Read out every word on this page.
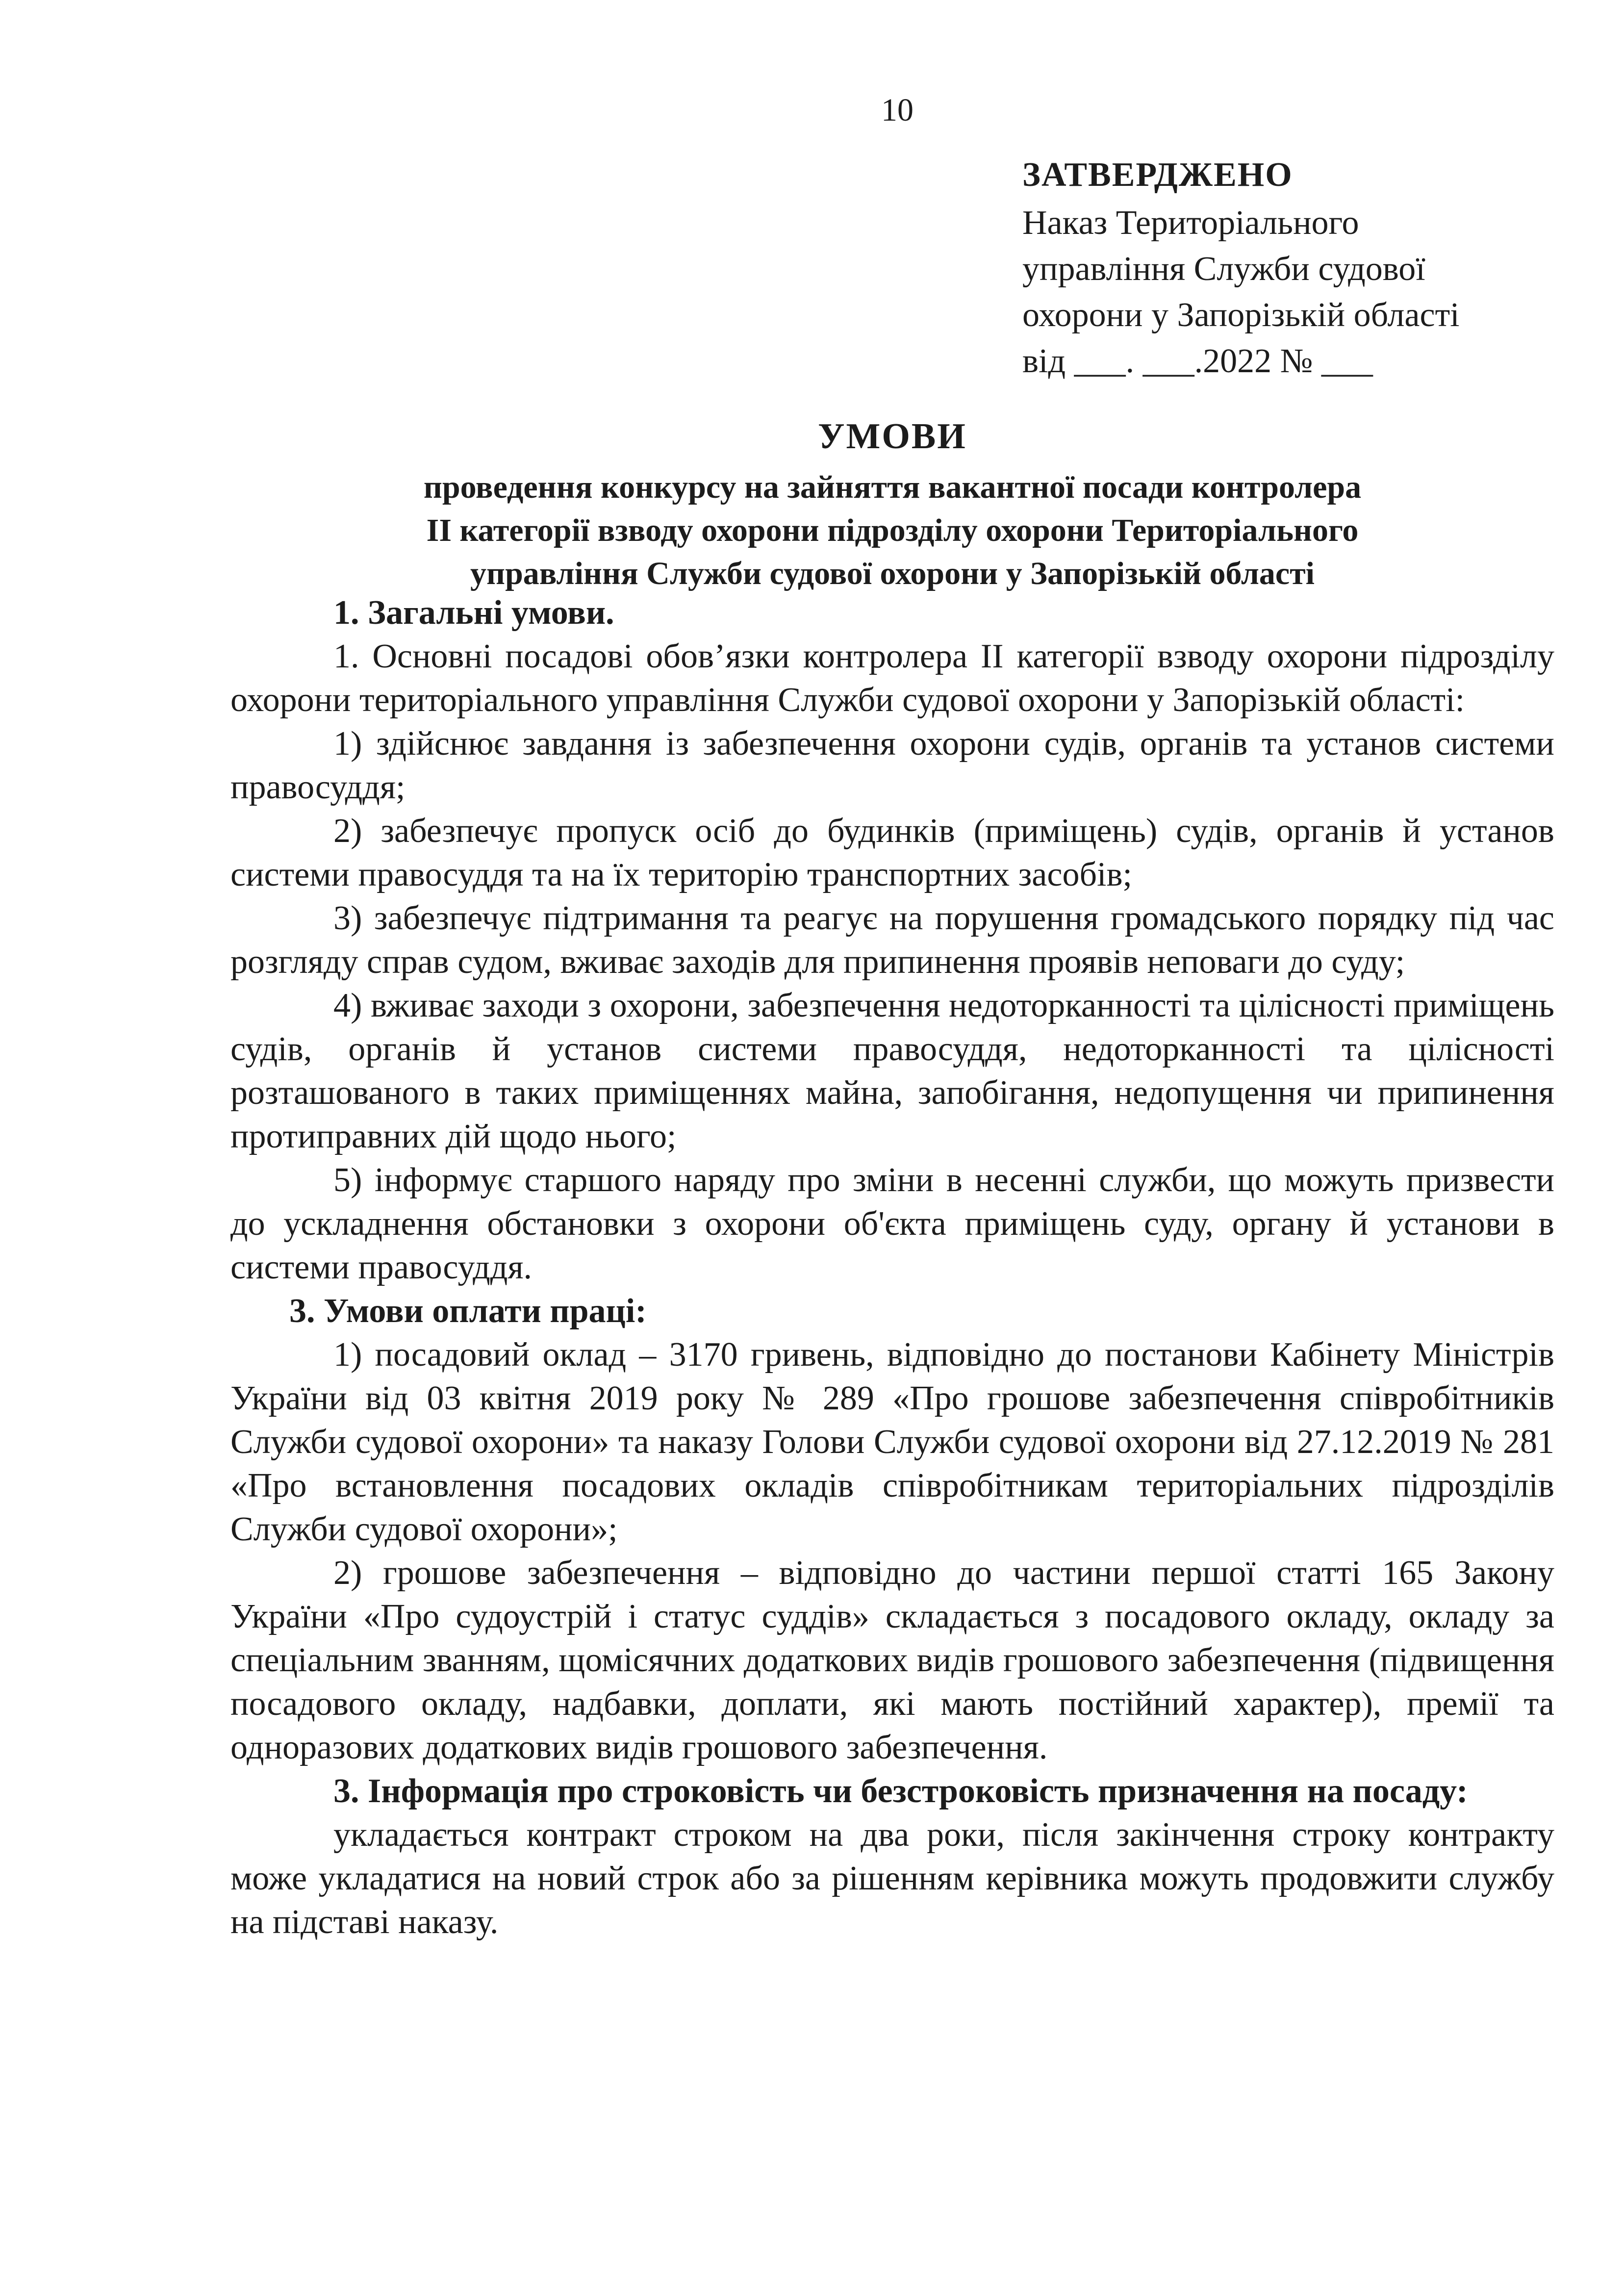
10
ЗАТВЕРДЖЕНО
Наказ Територіального
управління Служби судової
охорони у Запорізькій області
від ___. ___.2022 № ___
УМОВИ
проведення конкурсу на зайняття вакантної посади контролера
ІІ категорії взводу охорони підрозділу охорони Територіального
управління Служби судової охорони у Запорізькій області
1. Загальні умови.

1. Основні посадові обов’язки контролера ІІ категорії взводу охорони підрозділу охорони територіального управління Служби судової охорони у Запорізькій області:

1) здійснює завдання із забезпечення охорони судів, органів та установ системи правосуддя;

2) забезпечує пропуск осіб до будинків (приміщень) судів, органів й установ системи правосуддя та на їх територію транспортних засобів;

3) забезпечує підтримання та реагує на порушення громадського порядку під час розгляду справ судом, вживає заходів для припинення проявів неповаги до суду;

4) вживає заходи з охорони, забезпечення недоторканності та цілісності приміщень судів, органів й установ системи правосуддя, недоторканності та цілісності розташованого в таких приміщеннях майна, запобігання, недопущення чи припинення протиправних дій щодо нього;

5) інформує старшого наряду про зміни в несенні служби, що можуть призвести до ускладнення обстановки з охорони об'єкта приміщень суду, органу й установи в системи правосуддя.

3. Умови оплати праці:

1) посадовий оклад – 3170 гривень, відповідно до постанови Кабінету Міністрів України від 03 квітня 2019 року № 289 «Про грошове забезпечення співробітників Служби судової охорони» та наказу Голови Служби судової охорони від 27.12.2019 № 281 «Про встановлення посадових окладів співробітникам територіальних підрозділів Служби судової охорони»;

2) грошове забезпечення – відповідно до частини першої статті 165 Закону України «Про судоустрій і статус суддів» складається з посадового окладу, окладу за спеціальним званням, щомісячних додаткових видів грошового забезпечення (підвищення посадового окладу, надбавки, доплати, які мають постійний характер), премії та одноразових додаткових видів грошового забезпечення.

3. Інформація про строковість чи безстроковість призначення на посаду:

укладається контракт строком на два роки, після закінчення строку контракту може укладатися на новий строк або за рішенням керівника можуть продовжити службу на підставі наказу.
